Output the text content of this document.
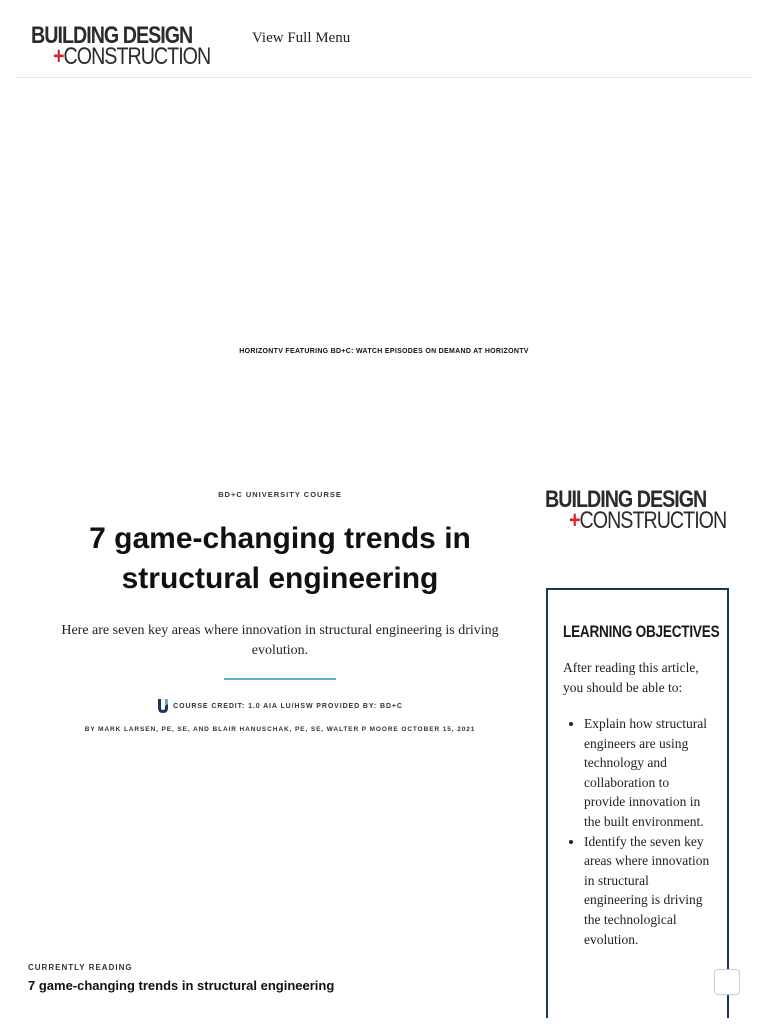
BUILDING DESIGN
+CONSTRUCTION
View Full Menu
HORIZONTV FEATURING BD+C: WATCH EPISODES ON DEMAND AT HORIZONTV
BD+C UNIVERSITY COURSE
7 game-changing trends in structural engineering

Here are seven key areas where innovation in structural engineering is driving evolution.

COURSE CREDIT: 1.0 AIA LU/HSW PROVIDED BY: BD+C
BY MARK LARSEN, PE, SE, AND BLAIR HANUSCHAK, PE, SE, WALTER P MOORE OCTOBER 15, 2021
BUILDING DESIGN
+CONSTRUCTION
LEARNING OBJECTIVES

After reading this article, you should be able to:

• Explain how structural engineers are using technology and collaboration to provide innovation in the built environment.
• Identify the seven key areas where innovation in structural engineering is driving the technological evolution.
CURRENTLY READING
7 game-changing trends in structural engineering
